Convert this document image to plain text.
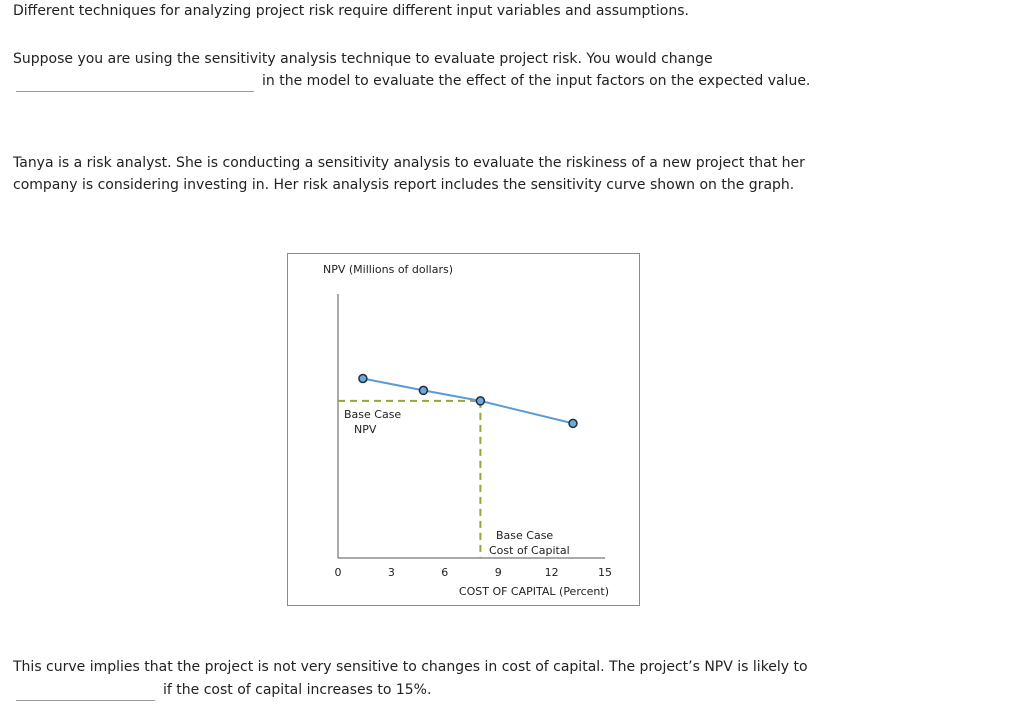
Different techniques for analyzing project risk require different input variables and assumptions.
Suppose you are using the sensitivity analysis technique to evaluate project risk. You would change
in the model to evaluate the effect of the input factors on the expected value.
Tanya is a risk analyst. She is conducting a sensitivity analysis to evaluate the riskiness of a new project that her
company is considering investing in. Her risk analysis report includes the sensitivity curve shown on the graph.
NPV (Millions of dollars)
COST OF CAPITAL (Percent)
0	3	6	9	12	15
Base Case
NPV
Base Case
Cost of Capital
This curve implies that the project is not very sensitive to changes in cost of capital. The project’s NPV is likely to
if the cost of capital increases to 15%.
